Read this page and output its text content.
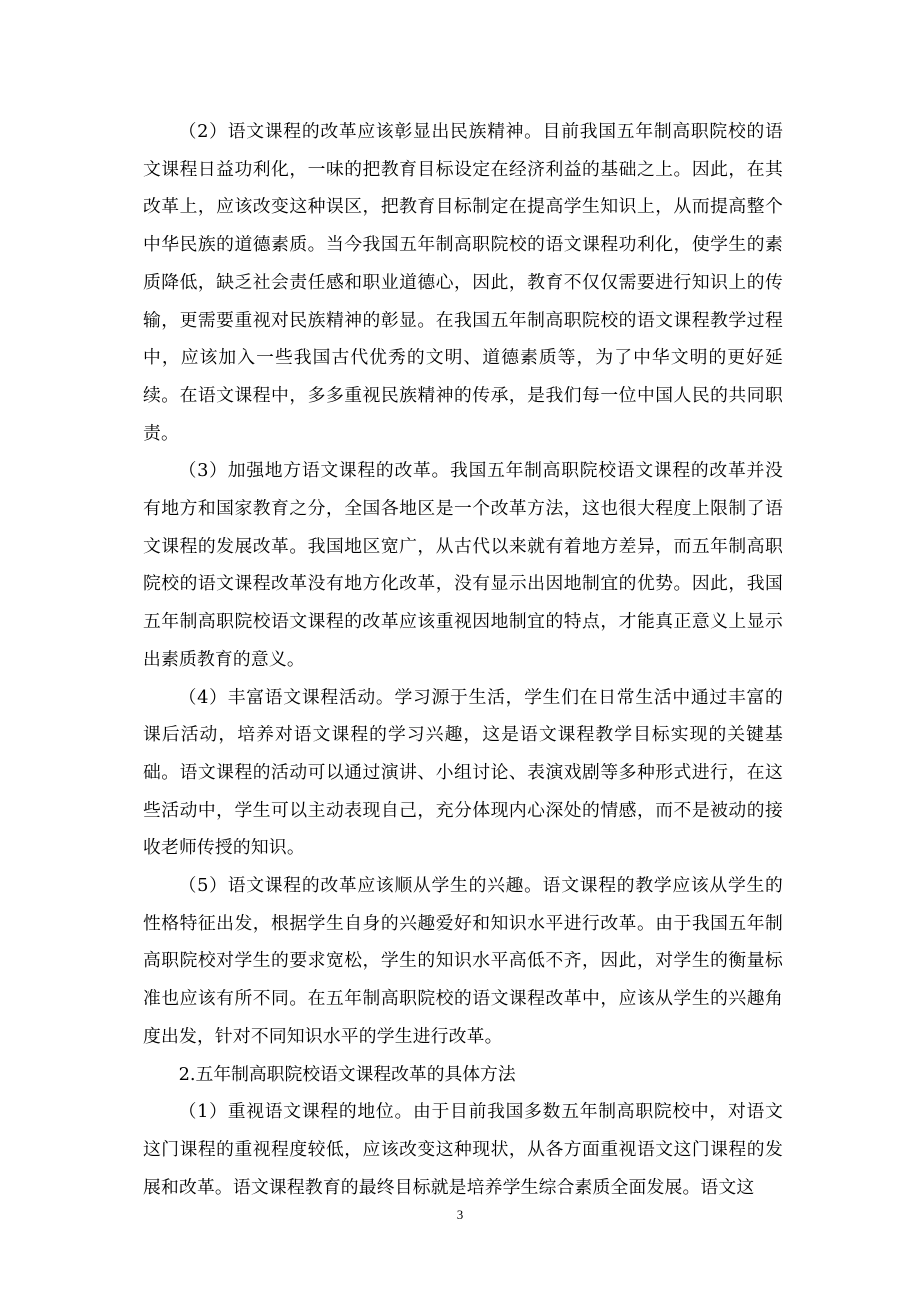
（2）语文课程的改革应该彰显出民族精神。目前我国五年制高职院校的语文课程日益功利化，一味的把教育目标设定在经济利益的基础之上。因此，在其改革上，应该改变这种误区，把教育目标制定在提高学生知识上，从而提高整个中华民族的道德素质。当今我国五年制高职院校的语文课程功利化，使学生的素质降低，缺乏社会责任感和职业道德心，因此，教育不仅仅需要进行知识上的传输，更需要重视对民族精神的彰显。在我国五年制高职院校的语文课程教学过程中，应该加入一些我国古代优秀的文明、道德素质等，为了中华文明的更好延续。在语文课程中，多多重视民族精神的传承，是我们每一位中国人民的共同职责。

（3）加强地方语文课程的改革。我国五年制高职院校语文课程的改革并没有地方和国家教育之分，全国各地区是一个改革方法，这也很大程度上限制了语文课程的发展改革。我国地区宽广，从古代以来就有着地方差异，而五年制高职院校的语文课程改革没有地方化改革，没有显示出因地制宜的优势。因此，我国五年制高职院校语文课程的改革应该重视因地制宜的特点，才能真正意义上显示出素质教育的意义。

（4）丰富语文课程活动。学习源于生活，学生们在日常生活中通过丰富的课后活动，培养对语文课程的学习兴趣，这是语文课程教学目标实现的关键基础。语文课程的活动可以通过演讲、小组讨论、表演戏剧等多种形式进行，在这些活动中，学生可以主动表现自己，充分体现内心深处的情感，而不是被动的接收老师传授的知识。

（5）语文课程的改革应该顺从学生的兴趣。语文课程的教学应该从学生的性格特征出发，根据学生自身的兴趣爱好和知识水平进行改革。由于我国五年制高职院校对学生的要求宽松，学生的知识水平高低不齐，因此，对学生的衡量标准也应该有所不同。在五年制高职院校的语文课程改革中，应该从学生的兴趣角度出发，针对不同知识水平的学生进行改革。

2.五年制高职院校语文课程改革的具体方法

（1）重视语文课程的地位。由于目前我国多数五年制高职院校中，对语文这门课程的重视程度较低，应该改变这种现状，从各方面重视语文这门课程的发展和改革。语文课程教育的最终目标就是培养学生综合素质全面发展。语文这

3
